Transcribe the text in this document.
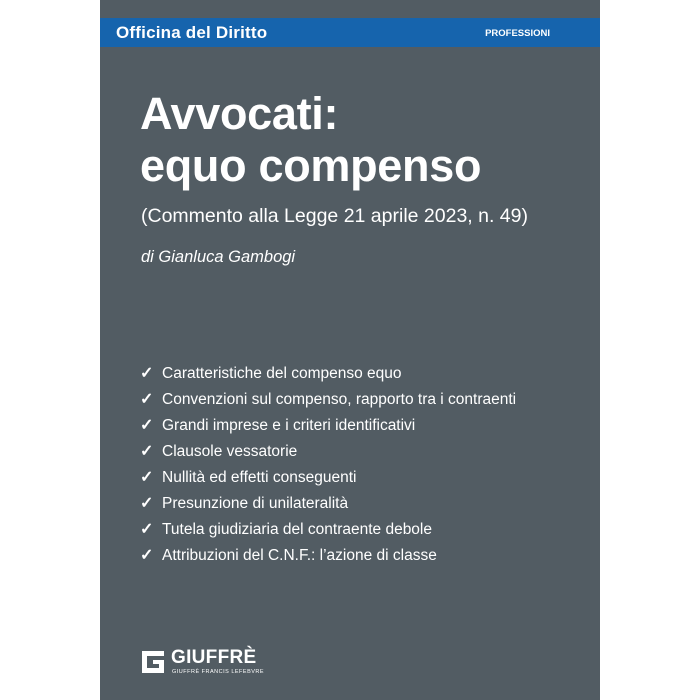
Officina del Diritto	PROFESSIONI
Avvocati:
equo compenso
(Commento alla Legge 21 aprile 2023, n. 49)
di Gianluca Gambogi
✓ Caratteristiche del compenso equo
✓ Convenzioni sul compenso, rapporto tra i contraenti
✓ Grandi imprese e i criteri identificativi
✓ Clausole vessatorie
✓ Nullità ed effetti conseguenti
✓ Presunzione di unilateralità
✓ Tutela giudiziaria del contraente debole
✓ Attribuzioni del C.N.F.: l’azione di classe
GIUFFRÈ
GIUFFRÈ FRANCIS LEFEBVRE
